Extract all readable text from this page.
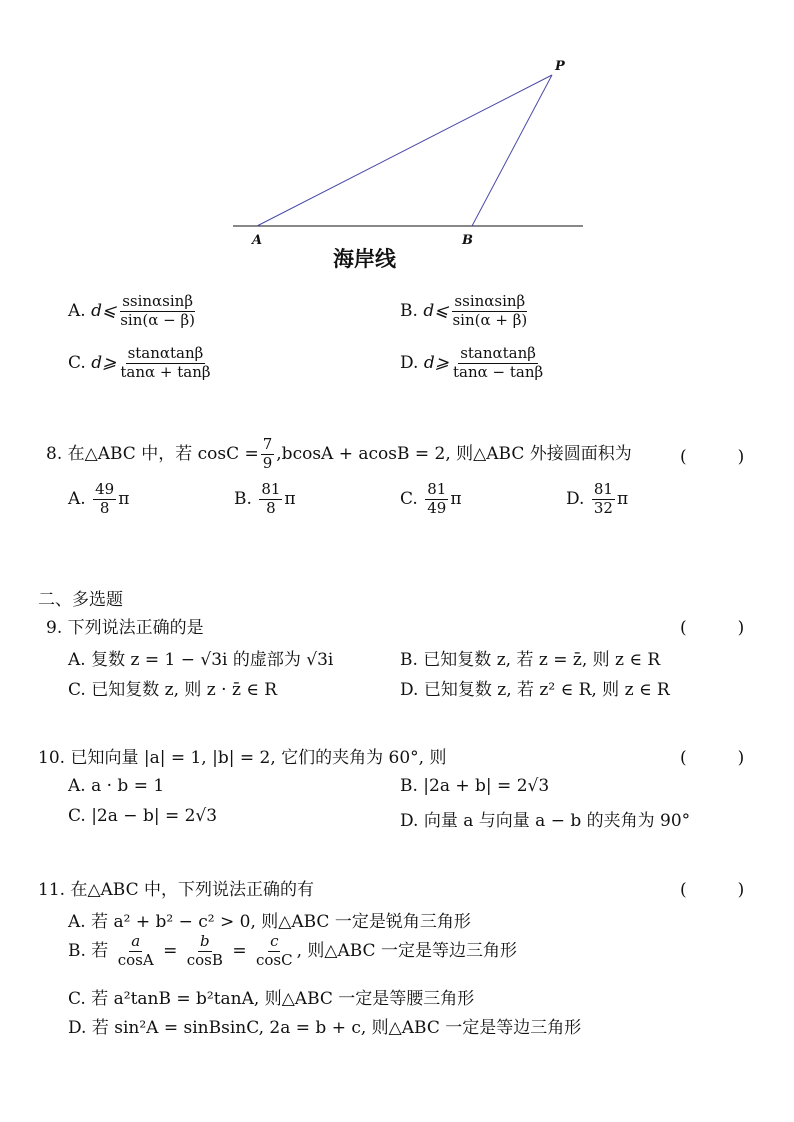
P
A	B
海岸线
A. d⩽ $\frac{ssin\alpha\sin\beta}{\sin(\alpha - \beta)}$	B. d⩽ $\frac{ssin\alpha\sin\beta}{\sin(\alpha + \beta)}$
C. d⩾ $\frac{stan\alpha\tan\beta}{\tan\alpha + \tan\beta}$	D. d⩾ $\frac{stan\alpha\tan\beta}{\tan\alpha - \tan\beta}$
8. 在△ABC 中，若 $\cos C = \frac{7}{9} ,bcosA + acosB = 2$, 则△ABC 外接圆面积为	(　　　)
A. $\frac{49}{8}$ π	B. $\frac{81}{8}$ π	C. $\frac{81}{49}$ π	D. $\frac{81}{32}$ π
二、多选题
9. 下列说法正确的是	(　　　)
A. 复数 z = 1 − √3i 的虚部为 √3i	B. 已知复数 z, 若 z = z̄, 则 z ∈ R
C. 已知复数 z, 则 z · z̄ ∈ R	D. 已知复数 z, 若 z² ∈ R, 则 z ∈ R
10. 已知向量 |a| = 1, |b| = 2, 它们的夹角为 60°, 则	(　　　)
A. a · b = 1	B. |2a + b| = 2√3
C. |2a − b| = 2√3	D. 向量 a 与向量 a − b 的夹角为 90°
11. 在△ABC 中，下列说法正确的有	(　　　)
A. 若 a² + b² − c² > 0, 则△ABC 一定是锐角三角形
B. 若 $\frac{a}{\cos A} = \frac{b}{\cos B} = \frac{c}{\cos C}$ , 则△ABC 一定是等边三角形
C. 若 a²tanB = b²tanA, 则△ABC 一定是等腰三角形
D. 若 sin²A = sinBsinC, 2a = b + c, 则△ABC 一定是等边三角形
